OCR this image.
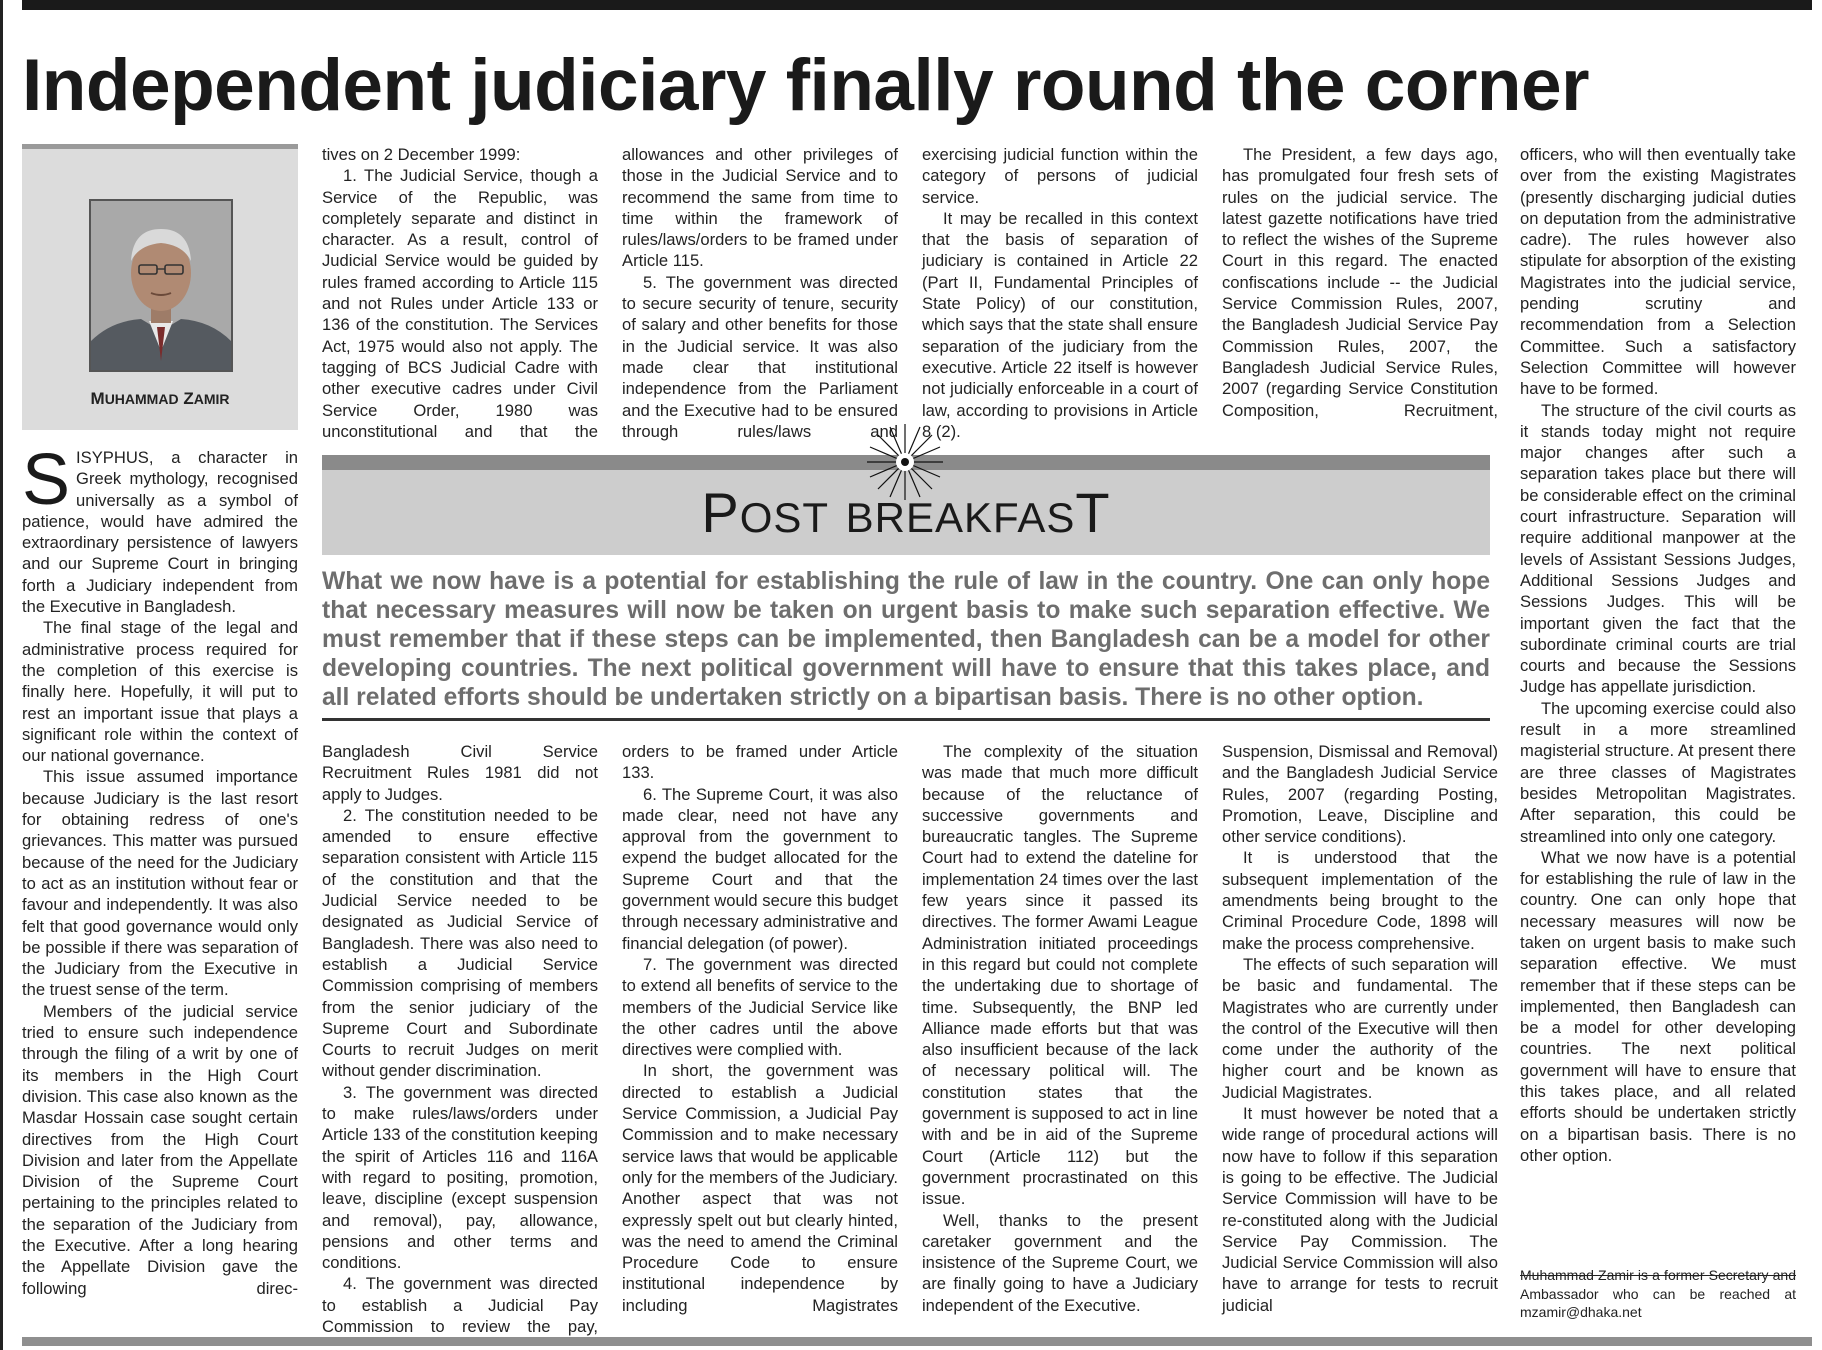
Independent judiciary finally round the corner
MUHAMMAD ZAMIR

SISYPHUS, a character in Greek mythology, recognised universally as a symbol of patience, would have admired the extraordinary persistence of lawyers and our Supreme Court in bringing forth a Judiciary independent from the Executive in Bangladesh.

The final stage of the legal and administrative process required for the completion of this exercise is finally here. Hopefully, it will put to rest an important issue that plays a significant role within the context of our national governance.

This issue assumed importance because Judiciary is the last resort for obtaining redress of one's grievances. This matter was pursued because of the need for the Judiciary to act as an institution without fear or favour and independently. It was also felt that good governance would only be possible if there was separation of the Judiciary from the Executive in the truest sense of the term.

Members of the judicial service tried to ensure such independence through the filing of a writ by one of its members in the High Court division. This case also known as the Masdar Hossain case sought certain directives from the High Court Division and later from the Appellate Division of the Supreme Court pertaining to the principles related to the separation of the Judiciary from the Executive. After a long hearing the Appellate Division gave the following direc-

tives on 2 December 1999:

1. The Judicial Service, though a Service of the Republic, was completely separate and distinct in character. As a result, control of Judicial Service would be guided by rules framed according to Article 115 and not Rules under Article 133 or 136 of the constitution. The Services Act, 1975 would also not apply. The tagging of BCS Judicial Cadre with other executive cadres under Civil Service Order, 1980 was unconstitutional and that the

allowances and other privileges of those in the Judicial Service and to recommend the same from time to time within the framework of rules/laws/orders to be framed under Article 115.

5. The government was directed to secure security of tenure, security of salary and other benefits for those in the Judicial service. It was also made clear that institutional independence from the Parliament and the Executive had to be ensured through rules/laws and

exercising judicial function within the category of persons of judicial service.

It may be recalled in this context that the basis of separation of judiciary is contained in Article 22 (Part II, Fundamental Principles of State Policy) of our constitution, which says that the state shall ensure separation of the judiciary from the executive. Article 22 itself is however not judicially enforceable in a court of law, according to provisions in Article 8 (2).

The President, a few days ago, has promulgated four fresh sets of rules on the judicial service. The latest gazette notifications have tried to reflect the wishes of the Supreme Court in this regard. The enacted confiscations include -- the Judicial Service Commission Rules, 2007, the Bangladesh Judicial Service Pay Commission Rules, 2007, the Bangladesh Judicial Service Rules, 2007 (regarding Service Constitution Composition, Recruitment,

POST BREAKFAST
What we now have is a potential for establishing the rule of law in the country. One can only hope that necessary measures will now be taken on urgent basis to make such separation effective. We must remember that if these steps can be implemented, then Bangladesh can be a model for other developing countries. The next political government will have to ensure that this takes place, and all related efforts should be undertaken strictly on a bipartisan basis. There is no other option.

Bangladesh Civil Service Recruitment Rules 1981 did not apply to Judges.

2. The constitution needed to be amended to ensure effective separation consistent with Article 115 of the constitution and that the Judicial Service needed to be designated as Judicial Service of Bangladesh. There was also need to establish a Judicial Service Commission comprising of members from the senior judiciary of the Supreme Court and Subordinate Courts to recruit Judges on merit without gender discrimination.

3. The government was directed to make rules/laws/orders under Article 133 of the constitution keeping the spirit of Articles 116 and 116A with regard to positing, promotion, leave, discipline (except suspension and removal), pay, allowance, pensions and other terms and conditions.

4. The government was directed to establish a Judicial Pay Commission to review the pay,

orders to be framed under Article 133.

6. The Supreme Court, it was also made clear, need not have any approval from the government to expend the budget allocated for the Supreme Court and that the government would secure this budget through necessary administrative and financial delegation (of power).

7. The government was directed to extend all benefits of service to the members of the Judicial Service like the other cadres until the above directives were complied with.

In short, the government was directed to establish a Judicial Service Commission, a Judicial Pay Commission and to make necessary service laws that would be applicable only for the members of the Judiciary. Another aspect that was not expressly spelt out but clearly hinted, was the need to amend the Criminal Procedure Code to ensure institutional independence by including Magistrates

The complexity of the situation was made that much more difficult because of the reluctance of successive governments and bureaucratic tangles. The Supreme Court had to extend the dateline for implementation 24 times over the last few years since it passed its directives. The former Awami League Administration initiated proceedings in this regard but could not complete the undertaking due to shortage of time. Subsequently, the BNP led Alliance made efforts but that was also insufficient because of the lack of necessary political will. The constitution states that the government is supposed to act in line with and be in aid of the Supreme Court (Article 112) but the government procrastinated on this issue.

Well, thanks to the present caretaker government and the insistence of the Supreme Court, we are finally going to have a Judiciary independent of the Executive.

Suspension, Dismissal and Removal) and the Bangladesh Judicial Service Rules, 2007 (regarding Posting, Promotion, Leave, Discipline and other service conditions).

It is understood that the subsequent implementation of the amendments being brought to the Criminal Procedure Code, 1898 will make the process comprehensive.

The effects of such separation will be basic and fundamental. The Magistrates who are currently under the control of the Executive will then come under the authority of the higher court and be known as Judicial Magistrates.

It must however be noted that a wide range of procedural actions will now have to follow if this separation is going to be effective. The Judicial Service Commission will have to be re-constituted along with the Judicial Service Pay Commission. The Judicial Service Commission will also have to arrange for tests to recruit judicial

officers, who will then eventually take over from the existing Magistrates (presently discharging judicial duties on deputation from the administrative cadre). The rules however also stipulate for absorption of the existing Magistrates into the judicial service, pending scrutiny and recommendation from a Selection Committee. Such a satisfactory Selection Committee will however have to be formed.

The structure of the civil courts as it stands today might not require major changes after such a separation takes place but there will be considerable effect on the criminal court infrastructure. Separation will require additional manpower at the levels of Assistant Sessions Judges, Additional Sessions Judges and Sessions Judges. This will be important given the fact that the subordinate criminal courts are trial courts and because the Sessions Judge has appellate jurisdiction.

The upcoming exercise could also result in a more streamlined magisterial structure. At present there are three classes of Magistrates besides Metropolitan Magistrates. After separation, this could be streamlined into only one category.

What we now have is a potential for establishing the rule of law in the country. One can only hope that necessary measures will now be taken on urgent basis to make such separation effective. We must remember that if these steps can be implemented, then Bangladesh can be a model for other developing countries. The next political government will have to ensure that this takes place, and all related efforts should be undertaken strictly on a bipartisan basis. There is no other option.

Muhammad Zamir is a former Secretary and Ambassador who can be reached at mzamir@dhaka.net
